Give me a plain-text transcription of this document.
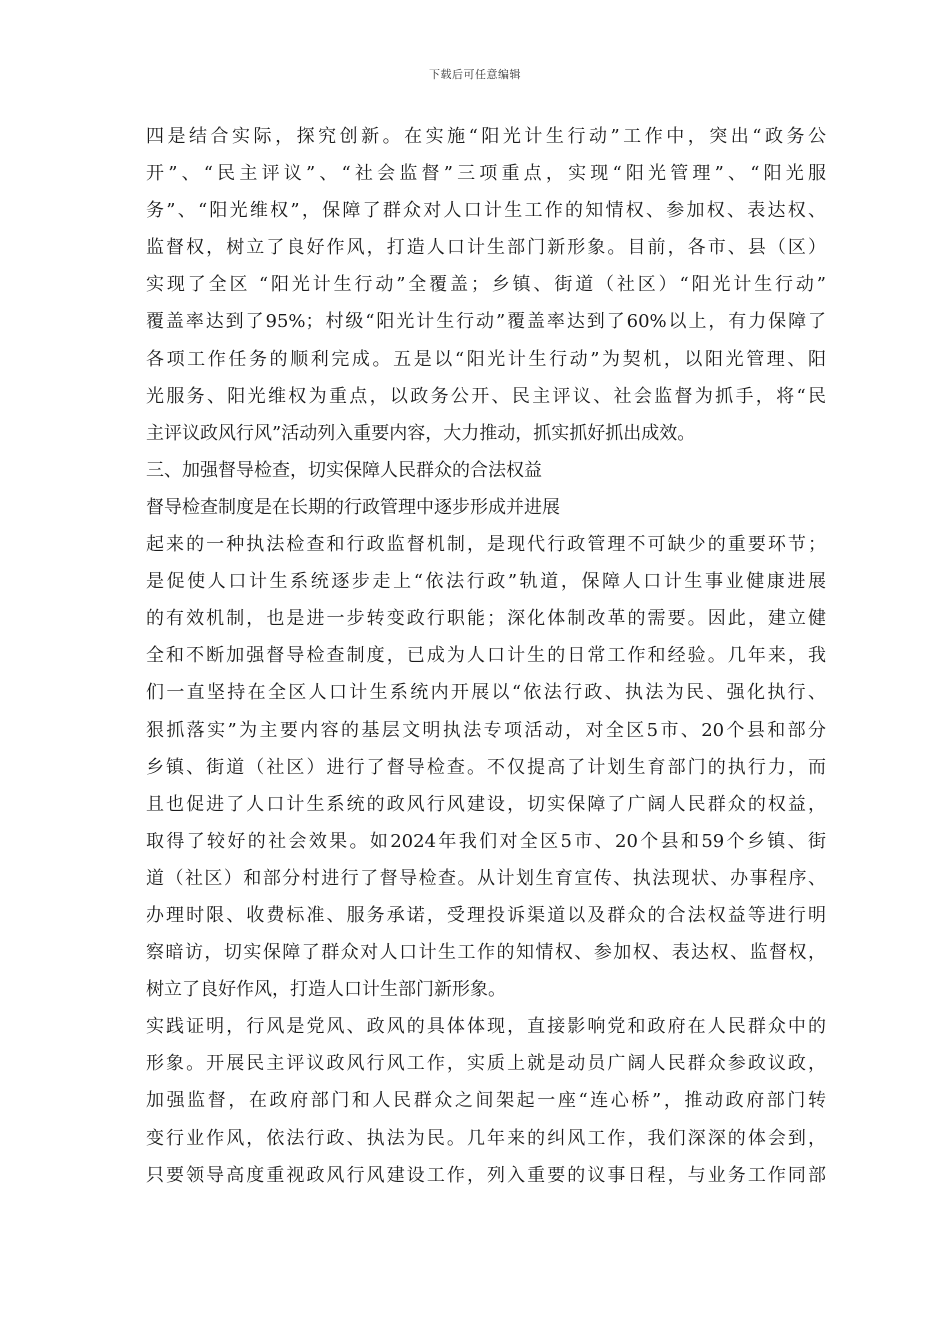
下载后可任意编辑
四是结合实际，探究创新。在实施“阳光计生行动”工作中，突出“政务公
开”、“民主评议”、“社会监督”三项重点，实现“阳光管理”、“阳光服
务”、“阳光维权”，保障了群众对人口计生工作的知情权、参加权、表达权、
监督权，树立了良好作风，打造人口计生部门新形象。目前，各市、县（区）
实现了全区 “阳光计生行动”全覆盖；乡镇、街道（社区）“阳光计生行动”
覆盖率达到了95%；村级“阳光计生行动”覆盖率达到了60%以上，有力保障了
各项工作任务的顺利完成。五是以“阳光计生行动”为契机，以阳光管理、阳
光服务、阳光维权为重点，以政务公开、民主评议、社会监督为抓手，将“民
主评议政风行风”活动列入重要内容，大力推动，抓实抓好抓出成效。
三、加强督导检查，切实保障人民群众的合法权益
督导检查制度是在长期的行政管理中逐步形成并进展
起来的一种执法检查和行政监督机制，是现代行政管理不可缺少的重要环节；
是促使人口计生系统逐步走上“依法行政”轨道，保障人口计生事业健康进展
的有效机制，也是进一步转变政行职能；深化体制改革的需要。因此，建立健
全和不断加强督导检查制度，已成为人口计生的日常工作和经验。几年来，我
们一直坚持在全区人口计生系统内开展以“依法行政、执法为民、强化执行、
狠抓落实”为主要内容的基层文明执法专项活动，对全区5市、20个县和部分
乡镇、街道（社区）进行了督导检查。不仅提高了计划生育部门的执行力，而
且也促进了人口计生系统的政风行风建设，切实保障了广阔人民群众的权益，
取得了较好的社会效果。如2024年我们对全区5市、20个县和59个乡镇、街
道（社区）和部分村进行了督导检查。从计划生育宣传、执法现状、办事程序、
办理时限、收费标准、服务承诺，受理投诉渠道以及群众的合法权益等进行明
察暗访，切实保障了群众对人口计生工作的知情权、参加权、表达权、监督权，
树立了良好作风，打造人口计生部门新形象。
实践证明，行风是党风、政风的具体体现，直接影响党和政府在人民群众中的
形象。开展民主评议政风行风工作，实质上就是动员广阔人民群众参政议政，
加强监督，在政府部门和人民群众之间架起一座“连心桥”，推动政府部门转
变行业作风，依法行政、执法为民。几年来的纠风工作，我们深深的体会到，
只要领导高度重视政风行风建设工作，列入重要的议事日程，与业务工作同部
